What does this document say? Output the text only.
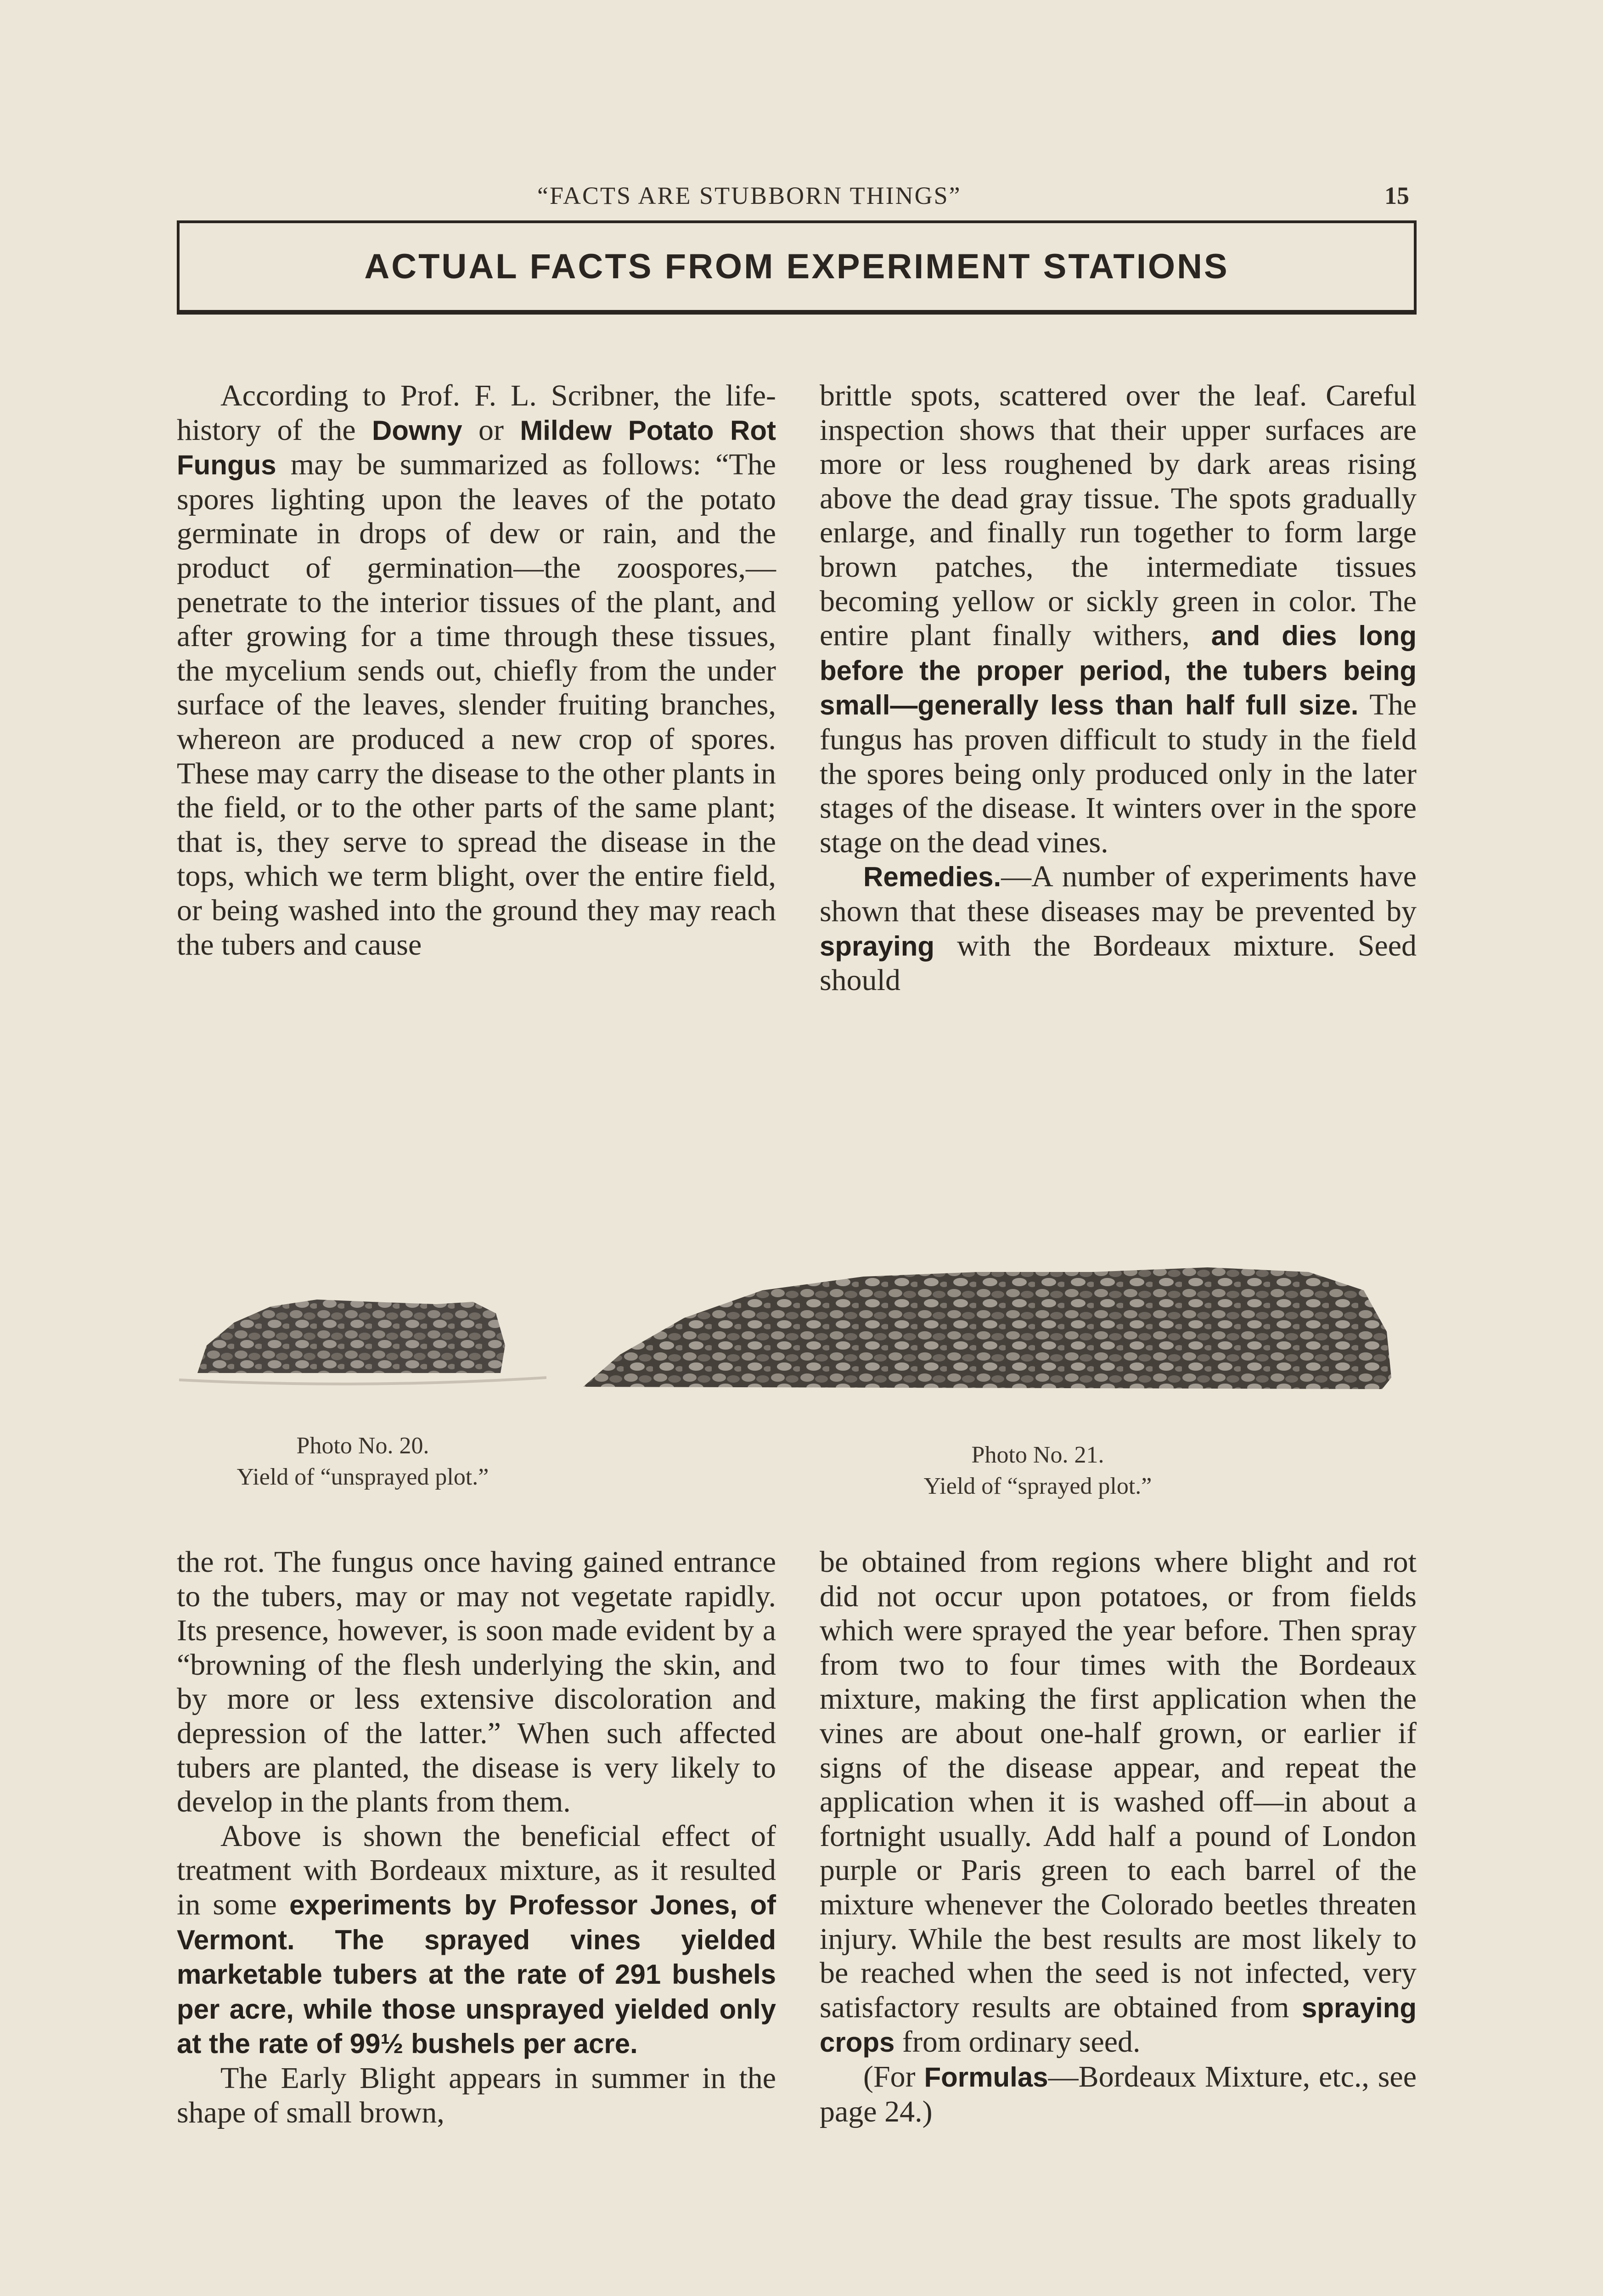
“FACTS ARE STUBBORN THINGS”	15
ACTUAL FACTS FROM EXPERIMENT STATIONS

According to Prof. F. L. Scribner, the life-history of the Downy or Mildew Potato Rot Fungus may be summarized as follows: “The spores lighting upon the leaves of the potato germinate in drops of dew or rain, and the product of germination—the zoospores,—penetrate to the interior tissues of the plant, and after growing for a time through these tissues, the mycelium sends out, chiefly from the under surface of the leaves, slender fruiting branches, whereon are produced a new crop of spores. These may carry the disease to the other plants in the field, or to the other parts of the same plant; that is, they serve to spread the disease in the tops, which we term blight, over the entire field, or being washed into the ground they may reach the tubers and cause

brittle spots, scattered over the leaf. Careful inspection shows that their upper surfaces are more or less roughened by dark areas rising above the dead gray tissue. The spots gradually enlarge, and finally run together to form large brown patches, the intermediate tissues becoming yellow or sickly green in color. The entire plant finally withers, and dies long before the proper period, the tubers being small—generally less than half full size. The fungus has proven difficult to study in the field the spores being only produced only in the later stages of the disease. It winters over in the spore stage on the dead vines.

Remedies.—A number of experiments have shown that these diseases may be prevented by spraying with the Bordeaux mixture. Seed should

Photo No. 20.
Yield of “unsprayed plot.”
Photo No. 21.
Yield of “sprayed plot.”

the rot. The fungus once having gained entrance to the tubers, may or may not vegetate rapidly. Its presence, however, is soon made evident by a “browning of the flesh underlying the skin, and by more or less extensive discoloration and depression of the latter.” When such affected tubers are planted, the disease is very likely to develop in the plants from them.

Above is shown the beneficial effect of treatment with Bordeaux mixture, as it resulted in some experiments by Professor Jones, of Vermont. The sprayed vines yielded marketable tubers at the rate of 291 bushels per acre, while those unsprayed yielded only at the rate of 99½ bushels per acre.

The Early Blight appears in summer in the shape of small brown,

be obtained from regions where blight and rot did not occur upon potatoes, or from fields which were sprayed the year before. Then spray from two to four times with the Bordeaux mixture, making the first application when the vines are about one-half grown, or earlier if signs of the disease appear, and repeat the application when it is washed off—in about a fortnight usually. Add half a pound of London purple or Paris green to each barrel of the mixture whenever the Colorado beetles threaten injury. While the best results are most likely to be reached when the seed is not infected, very satisfactory results are obtained from spraying crops from ordinary seed.

(For Formulas—Bordeaux Mixture, etc., see page 24.)
